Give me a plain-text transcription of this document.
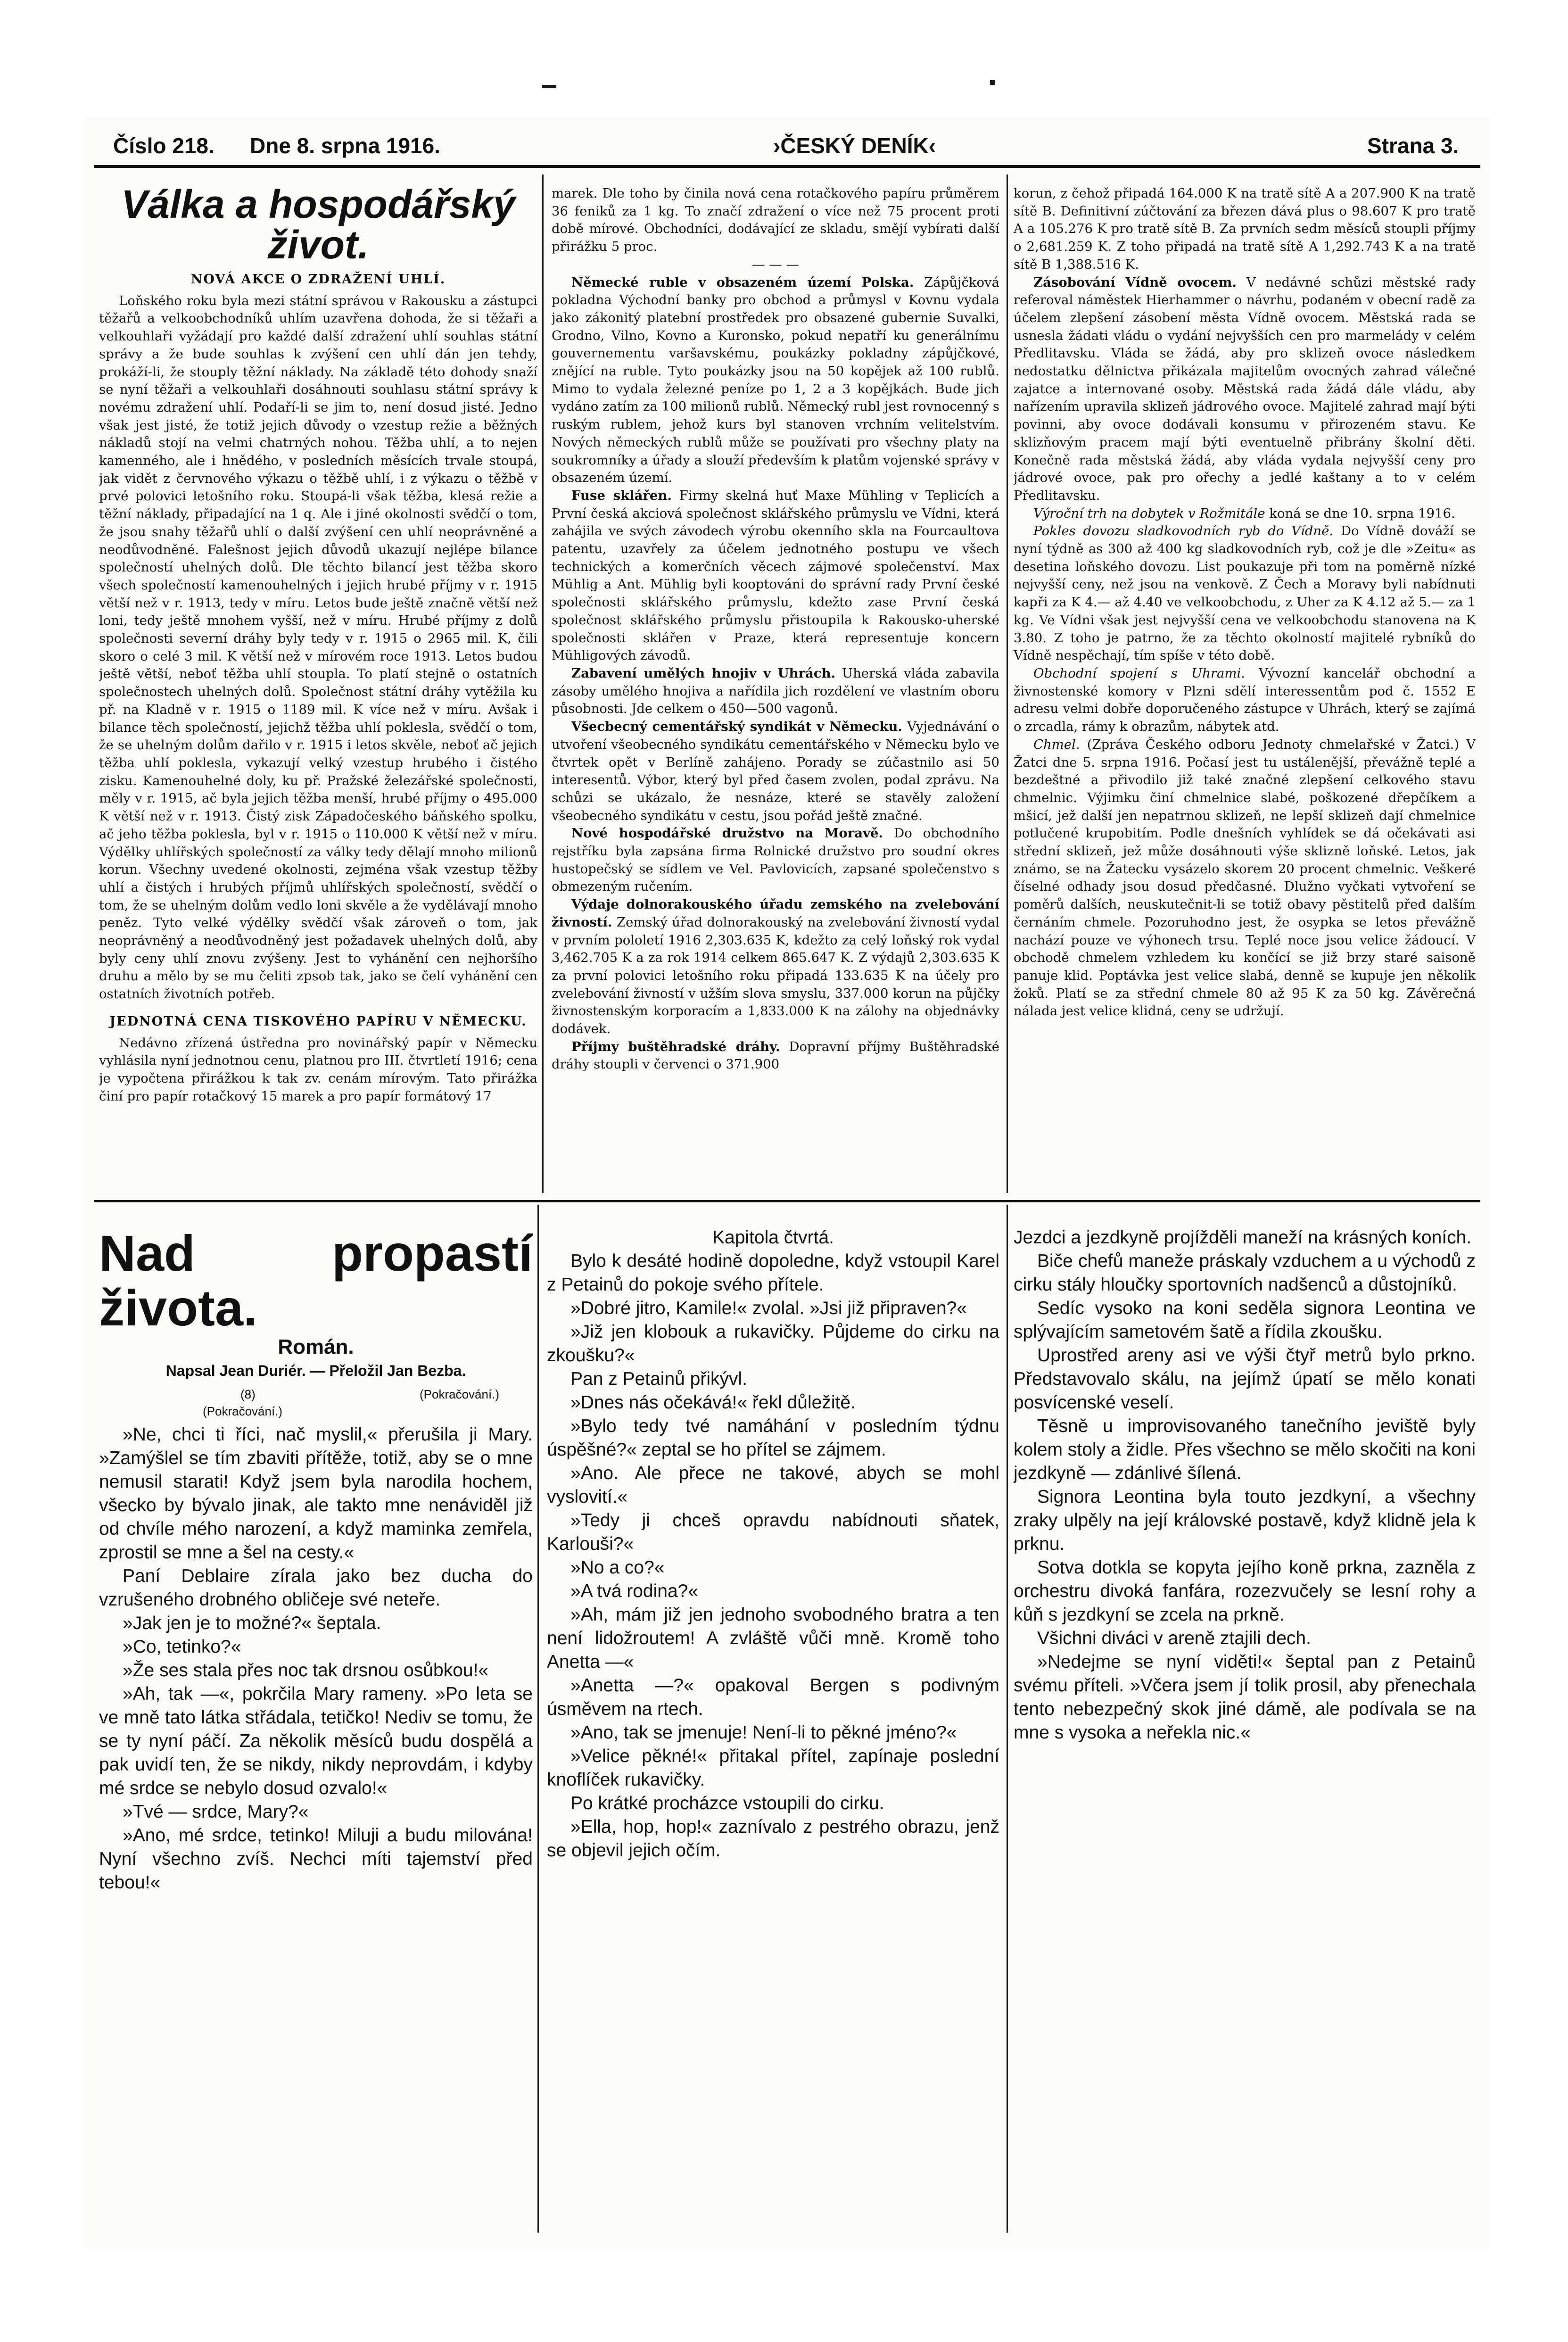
Číslo 218. Dne 8. srpna 1916.	›ČESKÝ DENÍK‹	Strana 3.
Válka a hospodářský život.
NOVÁ AKCE O ZDRAŽENÍ UHLÍ.

Loňského roku byla mezi státní správou v Rakousku a zástupci těžařů a velkoobchodníků uhlím uzavřena dohoda, že si těžaři a velkouhlaři vyžádají pro každé další zdražení uhlí souhlas státní správy a že bude souhlas k zvýšení cen uhlí dán jen tehdy, prokáží-li, že stouply těžní náklady. Na základě této dohody snaží se nyní těžaři a velkouhlaři dosáhnouti souhlasu státní správy k novému zdražení uhlí. Podaří-li se jim to, není dosud jisté. Jedno však jest jisté, že totiž jejich důvody o vzestup režie a běžných nákladů stojí na velmi chatrných nohou. Těžba uhlí, a to nejen kamenného, ale i hnědého, v posledních měsících trvale stoupá, jak vidět z červnového výkazu o těžbě uhlí, i z výkazu o těžbě v prvé polovici letošního roku. Stoupá-li však těžba, klesá režie a těžní náklady, připadající na 1 q. Ale i jiné okolnosti svědčí o tom, že jsou snahy těžařů uhlí o další zvýšení cen uhlí neoprávněné a neodůvodněné. Falešnost jejich důvodů ukazují nejlépe bilance společností uhelných dolů. Dle těchto bilancí jest těžba skoro všech společností kamenouhelných i jejich hrubé příjmy v r. 1915 větší než v r. 1913, tedy v míru. Letos bude ještě značně větší než loni, tedy ještě mnohem vyšší, než v míru. Hrubé příjmy z dolů společnosti severní dráhy byly tedy v r. 1915 o 2965 mil. K, čili skoro o celé 3 mil. K větší než v mírovém roce 1913. Letos budou ještě větší, neboť těžba uhlí stoupla. To platí stejně o ostatních společnostech uhelných dolů. Společnost státní dráhy vytěžila ku př. na Kladně v r. 1915 o 1189 mil. K více než v míru. Avšak i bilance těch společností, jejichž těžba uhlí poklesla, svědčí o tom, že se uhelným dolům dařilo v r. 1915 i letos skvěle, neboť ač jejich těžba uhlí poklesla, vykazují velký vzestup hrubého i čistého zisku. Kamenouhelné doly, ku př. Pražské železářské společnosti, měly v r. 1915, ač byla jejich těžba menší, hrubé příjmy o 495.000 K větší než v r. 1913. Čistý zisk Západočeského báňského spolku, ač jeho těžba poklesla, byl v r. 1915 o 110.000 K větší než v míru. Výdělky uhlířských společností za války tedy dělají mnoho milionů korun. Všechny uvedené okolnosti, zejména však vzestup těžby uhlí a čistých i hrubých příjmů uhlířských společností, svědčí o tom, že se uhelným dolům vedlo loni skvěle a že vydělávají mnoho peněz. Tyto velké výdělky svědčí však zároveň o tom, jak neoprávněný a neodůvodněný jest požadavek uhelných dolů, aby byly ceny uhlí znovu zvýšeny. Jest to vyhánění cen nejhoršího druhu a mělo by se mu čeliti zpsob tak, jako se čelí vyhánění cen ostatních životních potřeb.

JEDNOTNÁ CENA TISKOVÉHO PAPÍRU V NĚMECKU.

Nedávno zřízená ústředna pro novinářský papír v Německu vyhlásila nyní jednotnou cenu, platnou pro III. čtvrtletí 1916; cena je vypočtena přirážkou k tak zv. cenám mírovým. Tato přirážka činí pro papír rotačkový 15 marek a pro papír formátový 17

marek. Dle toho by činila nová cena rotačkového papíru průměrem 36 feniků za 1 kg. To značí zdražení o více než 75 procent proti době mírové. Obchodníci, dodávající ze skladu, smějí vybírati další přirážku 5 proc.

— — —

Německé ruble v obsazeném území Polska. Zápůjčková pokladna Východní banky pro obchod a průmysl v Kovnu vydala jako zákonitý platební prostředek pro obsazené gubernie Suvalki, Grodno, Vilno, Kovno a Kuronsko, pokud nepatří ku generálnímu gouvernementu varšavskému, poukázky pokladny zápůjčkové, znějící na ruble. Tyto poukázky jsou na 50 kopějek až 100 rublů. Mimo to vydala železné peníze po 1, 2 a 3 kopějkách. Bude jich vydáno zatím za 100 milionů rublů. Německý rubl jest rovnocenný s ruským rublem, jehož kurs byl stanoven vrchním velitelstvím. Nových německých rublů může se používati pro všechny platy na soukromníky a úřady a slouží především k platům vojenské správy v obsazeném území.

Fuse sklářen. Firmy skelná huť Maxe Mühling v Teplicích a První česká akciová společnost sklářského průmyslu ve Vídni, která zahájila ve svých závodech výrobu okenního skla na Fourcaultova patentu, uzavřely za účelem jednotného postupu ve všech technických a komerčních věcech zájmové společenství. Max Mühlig a Ant. Mühlig byli kooptováni do správní rady První české společnosti sklářského průmyslu, kdežto zase První česká společnost sklářského průmyslu přistoupila k Rakousko-uherské společnosti sklářen v Praze, která representuje koncern Mühligových závodů.

Zabavení umělých hnojiv v Uhrách. Uherská vláda zabavila zásoby umělého hnojiva a nařídila jich rozdělení ve vlastním oboru působnosti. Jde celkem o 450—500 vagonů.

Všecbecný cementářský syndikát v Německu. Vyjednávání o utvoření všeobecného syndikátu cementářského v Německu bylo ve čtvrtek opět v Berlíně zahájeno. Porady se zúčastnilo asi 50 interesentů. Výbor, který byl před časem zvolen, podal zprávu. Na schůzi se ukázalo, že nesnáze, které se stavěly založení všeobecného syndikátu v cestu, jsou pořád ještě značné.

Nové hospodářské družstvo na Moravě. Do obchodního rejstříku byla zapsána firma Rolnické družstvo pro soudní okres hustopečský se sídlem ve Vel. Pavlovicích, zapsané společenstvo s obmezeným ručením.

Výdaje dolnorakouského úřadu zemského na zvelebování živností. Zemský úřad dolnorakouský na zvelebování živností vydal v prvním pololetí 1916 2,303.635 K, kdežto za celý loňský rok vydal 3,462.705 K a za rok 1914 celkem 865.647 K. Z výdajů 2,303.635 K za první polovici letošního roku připadá 133.635 K na účely pro zvelebování živností v užším slova smyslu, 337.000 korun na půjčky živnostenským korporacím a 1,833.000 K na zálohy na objednávky dodávek.

Příjmy buštěhradské dráhy. Dopravní příjmy Buštěhradské dráhy stoupli v červenci o 371.900

korun, z čehož připadá 164.000 K na tratě sítě A a 207.900 K na tratě sítě B. Definitivní zúčtování za březen dává plus o 98.607 K pro tratě A a 105.276 K pro tratě sítě B. Za prvních sedm měsíců stoupli příjmy o 2,681.259 K. Z toho připadá na tratě sítě A 1,292.743 K a na tratě sítě B 1,388.516 K.

Zásobování Vídně ovocem. V nedávné schůzi městské rady referoval náměstek Hierhammer o návrhu, podaném v obecní radě za účelem zlepšení zásobení města Vídně ovocem. Městská rada se usnesla žádati vládu o vydání nejvyšších cen pro marmelády v celém Předlitavsku. Vláda se žádá, aby pro sklizeň ovoce následkem nedostatku dělnictva přikázala majitelům ovocných zahrad válečné zajatce a internované osoby. Městská rada žádá dále vládu, aby nařízením upravila sklizeň jádrového ovoce. Majitelé zahrad mají býti povinni, aby ovoce dodávali konsumu v přirozeném stavu. Ke sklizňovým pracem mají býti eventuelně přibrány školní děti. Konečně rada městská žádá, aby vláda vydala nejvyšší ceny pro jádrové ovoce, pak pro ořechy a jedlé kaštany a to v celém Předlitavsku.

Výroční trh na dobytek v Rožmitále koná se dne 10. srpna 1916.

Pokles dovozu sladkovodních ryb do Vídně. Do Vídně dováží se nyní týdně as 300 až 400 kg sladkovodních ryb, což je dle »Zeitu« as desetina loňského dovozu. List poukazuje při tom na poměrně nízké nejvyšší ceny, než jsou na venkově. Z Čech a Moravy byli nabídnuti kapři za K 4.— až 4.40 ve velkoobchodu, z Uher za K 4.12 až 5.— za 1 kg. Ve Vídni však jest nejvyšší cena ve velkoobchodu stanovena na K 3.80. Z toho je patrno, že za těchto okolností majitelé rybníků do Vídně nespěchají, tím spíše v této době.

Obchodní spojení s Uhrami. Vývozní kancelář obchodní a živnostenské komory v Plzni sdělí interessentům pod č. 1552 E adresu velmi dobře doporučeného zástupce v Uhrách, který se zajímá o zrcadla, rámy k obrazům, nábytek atd.

Chmel. (Zpráva Českého odboru Jednoty chmelařské v Žatci.) V Žatci dne 5. srpna 1916. Počasí jest tu ustálenější, převážně teplé a bezdeštné a přivodilo již také značné zlepšení celkového stavu chmelnic. Výjimku činí chmelnice slabé, poškozené dřepčíkem a mšicí, jež další jen nepatrnou sklizeň, ne lepší sklizeň dají chmelnice potlučené krupobitím. Podle dnešních vyhlídek se dá očekávati asi střední sklizeň, jež může dosáhnouti výše sklizně loňské. Letos, jak známo, se na Žatecku vysázelo skorem 20 procent chmelnic. Veškeré číselné odhady jsou dosud předčasné. Dlužno vyčkati vytvoření se poměrů dalších, neuskutečnit-li se totiž obavy pěstitelů před dalším černáním chmele. Pozoruhodno jest, že osypka se letos převážně nachází pouze ve výhonech trsu. Teplé noce jsou velice žádoucí. V obchodě chmelem vzhledem ku končící se již brzy staré saisoně panuje klid. Poptávka jest velice slabá, denně se kupuje jen několik žoků. Platí se za střední chmele 80 až 95 K za 50 kg. Závěrečná nálada jest velice klidná, ceny se udržují.

Nad propastí života.
Román.
Napsal Jean Duriér. — Přeložil Jan Bezba.
(8)	(Pokračování.)
(Pokračování.)

»Ne, chci ti říci, nač myslil,« přerušila ji Mary. »Zamýšlel se tím zbaviti přítěže, totiž, aby se o mne nemusil starati! Když jsem byla narodila hochem, všecko by bývalo jinak, ale takto mne nenáviděl již od chvíle mého narození, a když maminka zemřela, zprostil se mne a šel na cesty.«

Paní Deblaire zírala jako bez ducha do vzrušeného drobného obličeje své neteře.

»Jak jen je to možné?« šeptala.

»Co, tetinko?«

»Že ses stala přes noc tak drsnou osůbkou!«

»Ah, tak —«, pokrčila Mary rameny. »Po leta se ve mně tato látka střádala, tetičko! Nediv se tomu, že se ty nyní páčí. Za několik měsíců budu dospělá a pak uvidí ten, že se nikdy, nikdy neprovdám, i kdyby mé srdce se nebylo dosud ozvalo!«

»Tvé — srdce, Mary?«

»Ano, mé srdce, tetinko! Miluji a budu milována! Nyní všechno zvíš. Nechci míti tajemství před tebou!«

Kapitola čtvrtá.

Bylo k desáté hodině dopoledne, když vstoupil Karel z Petainů do pokoje svého přítele.

»Dobré jitro, Kamile!« zvolal. »Jsi již připraven?«

»Již jen klobouk a rukavičky. Půjdeme do cirku na zkoušku?«

Pan z Petainů přikývl.

»Dnes nás očekává!« řekl důležitě.

»Bylo tedy tvé namáhání v posledním týdnu úspěšné?« zeptal se ho přítel se zájmem.

»Ano. Ale přece ne takové, abych se mohl vyslovití.«

»Tedy ji chceš opravdu nabídnouti sňatek, Karlouši?«

»No a co?«

»A tvá rodina?«

»Ah, mám již jen jednoho svobodného bratra a ten není lidožroutem! A zvláště vůči mně. Kromě toho Anetta —«

»Anetta —?« opakoval Bergen s podivným úsměvem na rtech.

»Ano, tak se jmenuje! Není-li to pěkné jméno?«

»Velice pěkné!« přitakal přítel, zapínaje poslední knoflíček rukavičky.

Po krátké procházce vstoupili do cirku.

»Ella, hop, hop!« zaznívalo z pestrého obrazu, jenž se objevil jejich očím.

Jezdci a jezdkyně projížděli maneží na krásných koních.

Biče chefů maneže práskaly vzduchem a u východů z cirku stály hloučky sportovních nadšenců a důstojníků.

Sedíc vysoko na koni seděla signora Leontina ve splývajícím sametovém šatě a řídila zkoušku.

Uprostřed areny asi ve výši čtyř metrů bylo prkno. Představovalo skálu, na jejímž úpatí se mělo konati posvícenské veselí.

Těsně u improvisovaného tanečního jeviště byly kolem stoly a židle. Přes všechno se mělo skočiti na koni jezdkyně — zdánlivé šílená.

Signora Leontina byla touto jezdkyní, a všechny zraky ulpěly na její královské postavě, když klidně jela k prknu.

Sotva dotkla se kopyta jejího koně prkna, zazněla z orchestru divoká fanfára, rozezvučely se lesní rohy a kůň s jezdkyní se zcela na prkně.

Všichni diváci v areně ztajili dech.

»Nedejme se nyní viděti!« šeptal pan z Petainů svému příteli. »Včera jsem jí tolik prosil, aby přenechala tento nebezpečný skok jiné dámě, ale podívala se na mne s vysoka a neřekla nic.«
